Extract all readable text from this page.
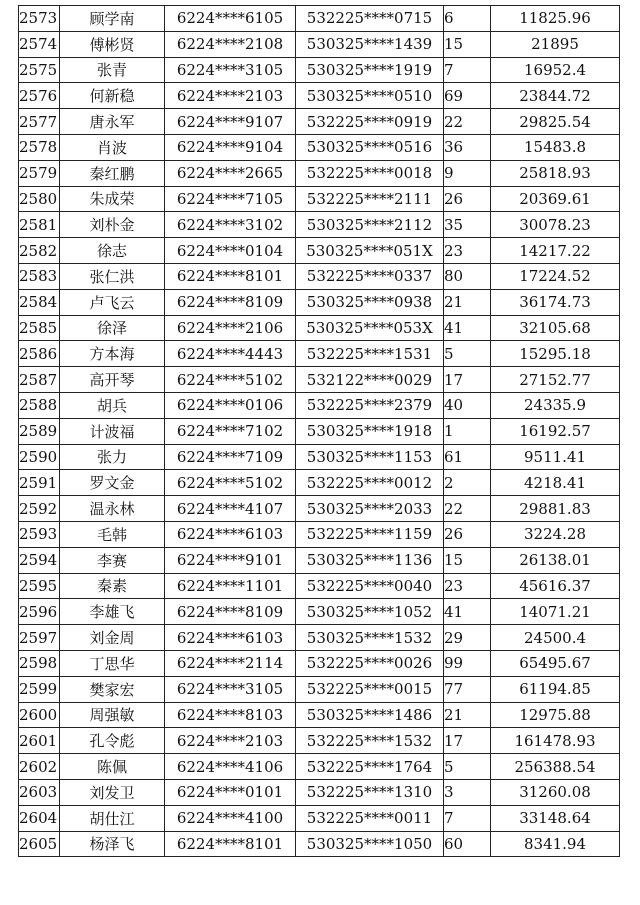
2573	顾学南	6224****6105	532225****0715	6	11825.96
2574	傅彬贤	6224****2108	530325****1439	15	21895
2575	张青	6224****3105	530325****1919	7	16952.4
2576	何新稳	6224****2103	530325****0510	69	23844.72
2577	唐永军	6224****9107	532225****0919	22	29825.54
2578	肖波	6224****9104	530325****0516	36	15483.8
2579	秦红鹏	6224****2665	532225****0018	9	25818.93
2580	朱成荣	6224****7105	532225****2111	26	20369.61
2581	刘朴金	6224****3102	530325****2112	35	30078.23
2582	徐志	6224****0104	530325****051X	23	14217.22
2583	张仁洪	6224****8101	532225****0337	80	17224.52
2584	卢飞云	6224****8109	530325****0938	21	36174.73
2585	徐泽	6224****2106	530325****053X	41	32105.68
2586	方本海	6224****4443	532225****1531	5	15295.18
2587	高开琴	6224****5102	532122****0029	17	27152.77
2588	胡兵	6224****0106	532225****2379	40	24335.9
2589	计波福	6224****7102	530325****1918	1	16192.57
2590	张力	6224****7109	530325****1153	61	9511.41
2591	罗文金	6224****5102	532225****0012	2	4218.41
2592	温永林	6224****4107	530325****2033	22	29881.83
2593	毛韩	6224****6103	532225****1159	26	3224.28
2594	李赛	6224****9101	530325****1136	15	26138.01
2595	秦素	6224****1101	532225****0040	23	45616.37
2596	李雄飞	6224****8109	530325****1052	41	14071.21
2597	刘金周	6224****6103	530325****1532	29	24500.4
2598	丁思华	6224****2114	532225****0026	99	65495.67
2599	樊家宏	6224****3105	532225****0015	77	61194.85
2600	周强敏	6224****8103	530325****1486	21	12975.88
2601	孔令彪	6224****2103	532225****1532	17	161478.93
2602	陈佩	6224****4106	532225****1764	5	256388.54
2603	刘发卫	6224****0101	532225****1310	3	31260.08
2604	胡仕江	6224****4100	532225****0011	7	33148.64
2605	杨泽飞	6224****8101	530325****1050	60	8341.94
